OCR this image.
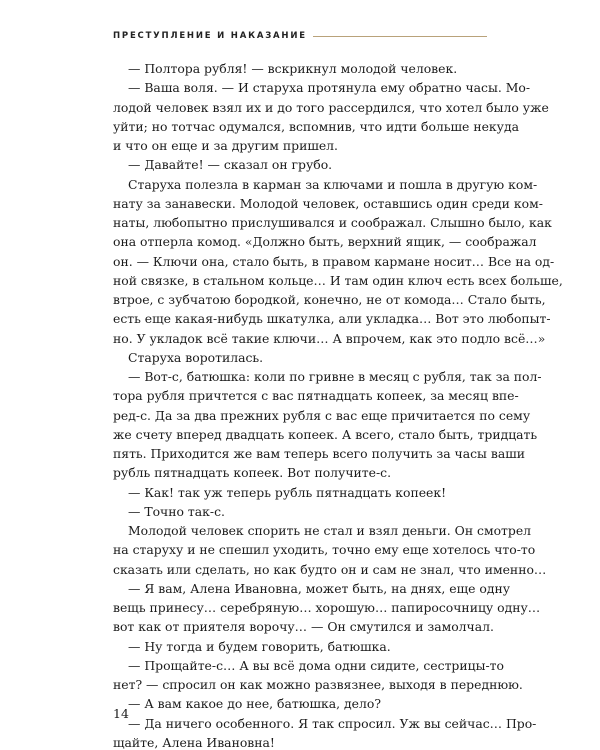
ПРЕСТУПЛЕНИЕ И НАКАЗАНИЕ
— Полтора рубля! — вскрикнул молодой человек.
— Ваша воля. — И старуха протянула ему обратно часы. Мо-
лодой человек взял их и до того рассердился, что хотел было уже
уйти; но тотчас одумался, вспомнив, что идти больше некуда
и что он еще и за другим пришел.
— Давайте! — сказал он грубо.
Старуха полезла в карман за ключами и пошла в другую ком-
нату за занавески. Молодой человек, оставшись один среди ком-
наты, любопытно прислушивался и соображал. Слышно было, как
она отперла комод. «Должно быть, верхний ящик, — соображал
он. — Ключи она, стало быть, в правом кармане носит… Все на од-
ной связке, в стальном кольце… И там один ключ есть всех больше,
втрое, с зубчатою бородкой, конечно, не от комода… Стало быть,
есть еще какая-нибудь шкатулка, али укладка… Вот это любопыт-
но. У укладок всё такие ключи… А впрочем, как это подло всё…»
Старуха воротилась.
— Вот-с, батюшка: коли по гривне в месяц с рубля, так за пол-
тора рубля причтется с вас пятнадцать копеек, за месяц впе-
ред-с. Да за два прежних рубля с вас еще причитается по сему
же счету вперед двадцать копеек. А всего, стало быть, тридцать
пять. Приходится же вам теперь всего получить за часы ваши
рубль пятнадцать копеек. Вот получите-с.
— Как! так уж теперь рубль пятнадцать копеек!
— Точно так-с.
Молодой человек спорить не стал и взял деньги. Он смотрел
на старуху и не спешил уходить, точно ему еще хотелось что-то
сказать или сделать, но как будто он и сам не знал, что именно…
— Я вам, Алена Ивановна, может быть, на днях, еще одну
вещь принесу… серебряную… хорошую… папиросочницу одну…
вот как от приятеля ворочу… — Он смутился и замолчал.
— Ну тогда и будем говорить, батюшка.
— Прощайте-с… А вы всё дома одни сидите, сестрицы-то
нет? — спросил он как можно развязнее, выходя в переднюю.
— А вам какое до нее, батюшка, дело?
— Да ничего особенного. Я так спросил. Уж вы сейчас… Про-
щайте, Алена Ивановна!
14
